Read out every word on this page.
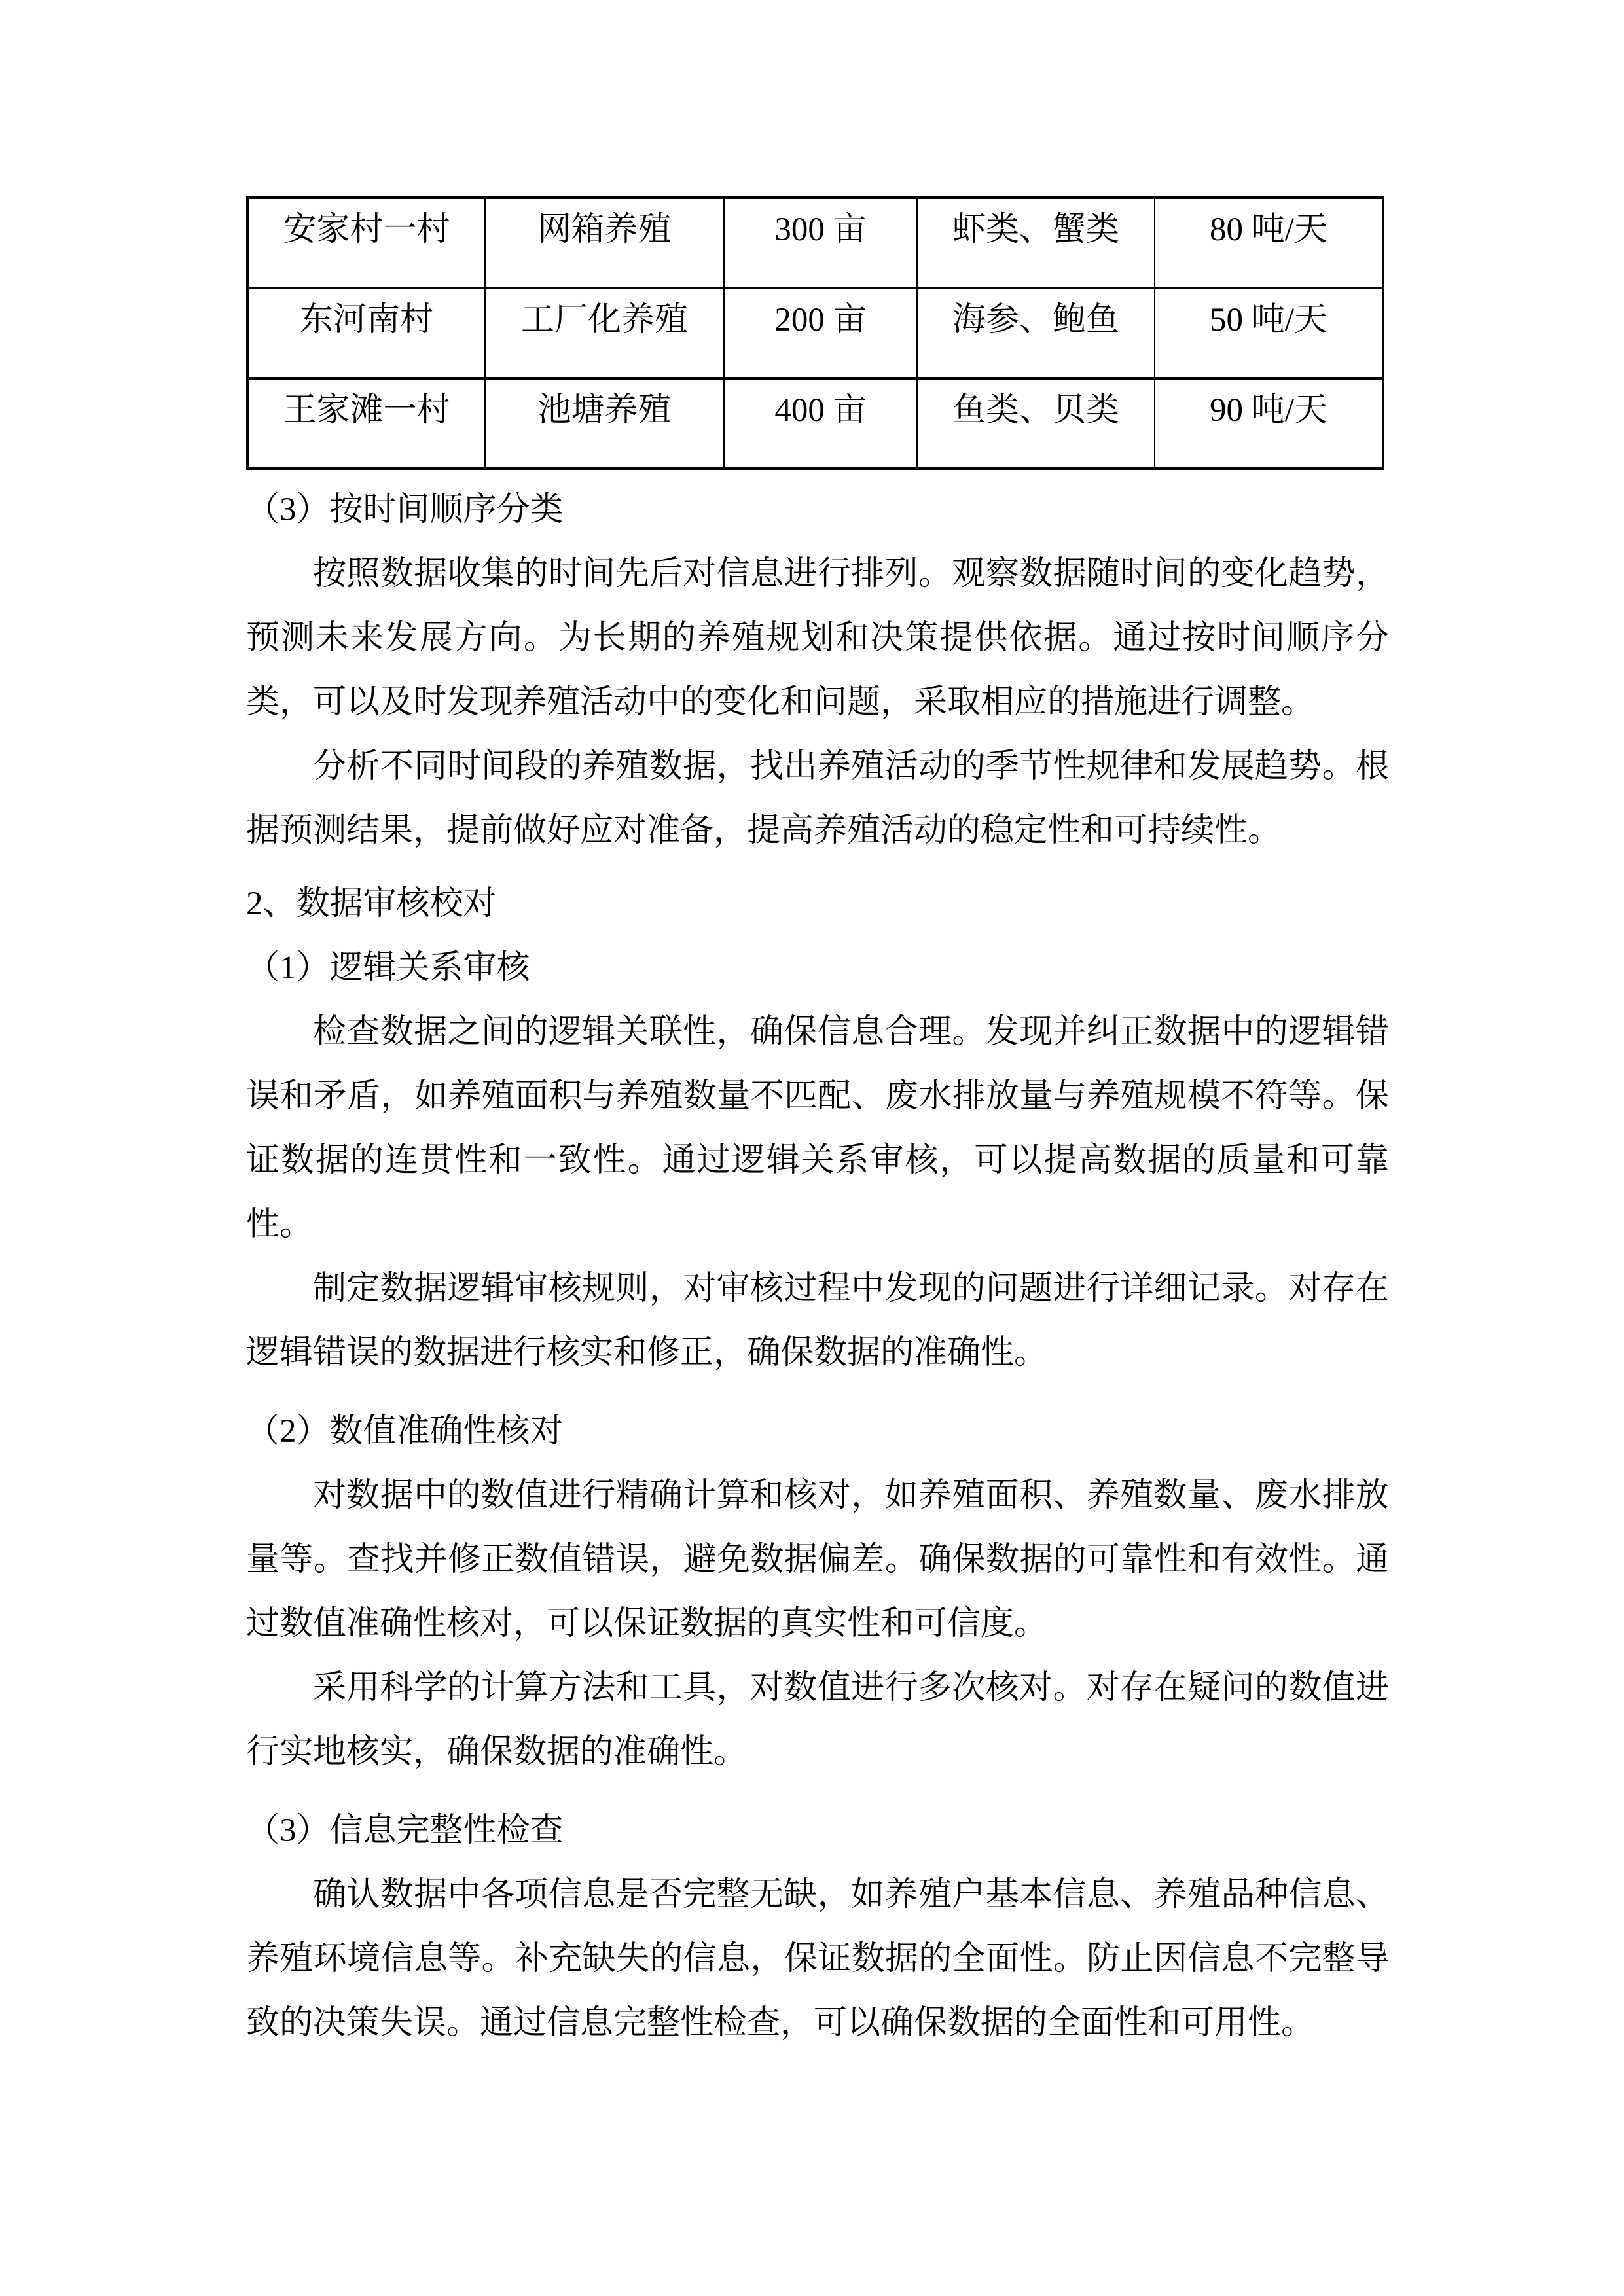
安家村一村	网箱养殖	300 亩	虾类、蟹类	80 吨/天
东河南村	工厂化养殖	200 亩	海参、鲍鱼	50 吨/天
王家滩一村	池塘养殖	400 亩	鱼类、贝类	90 吨/天

（3）按时间顺序分类

按照数据收集的时间先后对信息进行排列。观察数据随时间的变化趋势，预测未来发展方向。为长期的养殖规划和决策提供依据。通过按时间顺序分类，可以及时发现养殖活动中的变化和问题，采取相应的措施进行调整。

分析不同时间段的养殖数据，找出养殖活动的季节性规律和发展趋势。根据预测结果，提前做好应对准备，提高养殖活动的稳定性和可持续性。

2、数据审核校对

（1）逻辑关系审核

检查数据之间的逻辑关联性，确保信息合理。发现并纠正数据中的逻辑错误和矛盾，如养殖面积与养殖数量不匹配、废水排放量与养殖规模不符等。保证数据的连贯性和一致性。通过逻辑关系审核，可以提高数据的质量和可靠性。

制定数据逻辑审核规则，对审核过程中发现的问题进行详细记录。对存在逻辑错误的数据进行核实和修正，确保数据的准确性。

（2）数值准确性核对

对数据中的数值进行精确计算和核对，如养殖面积、养殖数量、废水排放量等。查找并修正数值错误，避免数据偏差。确保数据的可靠性和有效性。通过数值准确性核对，可以保证数据的真实性和可信度。

采用科学的计算方法和工具，对数值进行多次核对。对存在疑问的数值进行实地核实，确保数据的准确性。

（3）信息完整性检查

确认数据中各项信息是否完整无缺，如养殖户基本信息、养殖品种信息、养殖环境信息等。补充缺失的信息，保证数据的全面性。防止因信息不完整导致的决策失误。通过信息完整性检查，可以确保数据的全面性和可用性。
